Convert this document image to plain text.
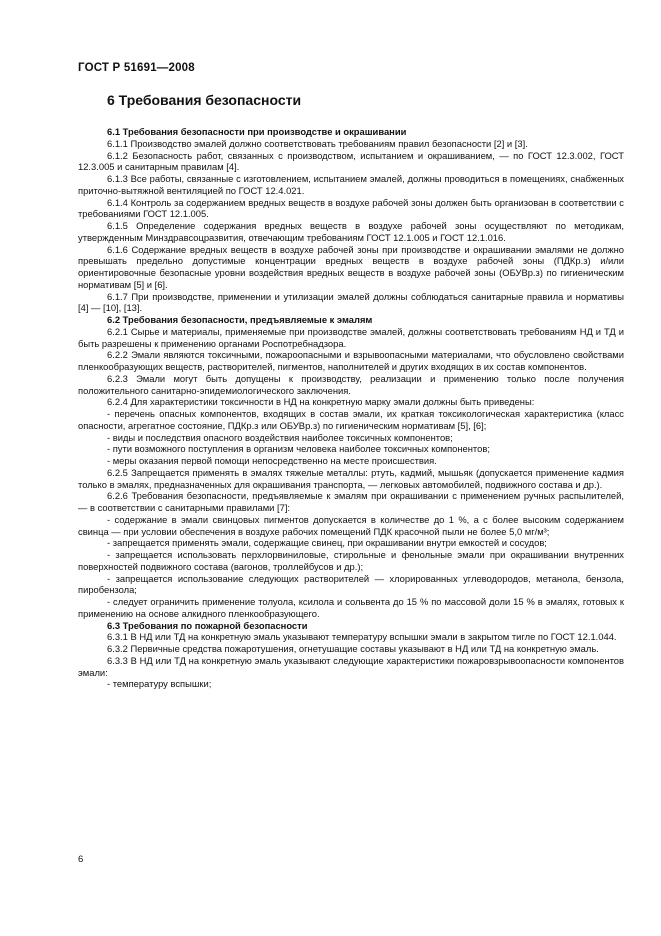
ГОСТ Р 51691—2008
6 Требования безопасности

6.1 Требования безопасности при производстве и окрашивании

6.1.1 Производство эмалей должно соответствовать требованиям правил безопасности [2] и [3].

6.1.2 Безопасность работ, связанных с производством, испытанием и окрашиванием, — по ГОСТ 12.3.002, ГОСТ 12.3.005 и санитарным правилам [4].

6.1.3 Все работы, связанные с изготовлением, испытанием эмалей, должны проводиться в помещениях, снабженных приточно-вытяжной вентиляцией по ГОСТ 12.4.021.

6.1.4 Контроль за содержанием вредных веществ в воздухе рабочей зоны должен быть организован в соответствии с требованиями ГОСТ 12.1.005.

6.1.5 Определение содержания вредных веществ в воздухе рабочей зоны осуществляют по методикам, утвержденным Минздравсоцразвития, отвечающим требованиям ГОСТ 12.1.005 и ГОСТ 12.1.016.

6.1.6 Содержание вредных веществ в воздухе рабочей зоны при производстве и окрашивании эмалями не должно превышать предельно допустимые концентрации вредных веществ в воздухе рабочей зоны (ПДКр.з) и/или ориентировочные безопасные уровни воздействия вредных веществ в воздухе рабочей зоны (ОБУВр.з) по гигиеническим нормативам [5] и [6].

6.1.7 При производстве, применении и утилизации эмалей должны соблюдаться санитарные правила и нормативы [4] — [10], [13].

6.2 Требования безопасности, предъявляемые к эмалям

6.2.1 Сырье и материалы, применяемые при производстве эмалей, должны соответствовать требованиям НД и ТД и быть разрешены к применению органами Роспотребнадзора.

6.2.2 Эмали являются токсичными, пожароопасными и взрывоопасными материалами, что обусловлено свойствами пленкообразующих веществ, растворителей, пигментов, наполнителей и других входящих в их состав компонентов.

6.2.3 Эмали могут быть допущены к производству, реализации и применению только после получения положительного санитарно-эпидемиологического заключения.

6.2.4 Для характеристики токсичности в НД на конкретную марку эмали должны быть приведены:

- перечень опасных компонентов, входящих в состав эмали, их краткая токсикологическая характеристика (класс опасности, агрегатное состояние, ПДКр.з или ОБУВр.з) по гигиеническим нормативам [5], [6];

- виды и последствия опасного воздействия наиболее токсичных компонентов;

- пути возможного поступления в организм человека наиболее токсичных компонентов;

- меры оказания первой помощи непосредственно на месте происшествия.

6.2.5 Запрещается применять в эмалях тяжелые металлы: ртуть, кадмий, мышьяк (допускается применение кадмия только в эмалях, предназначенных для окрашивания транспорта, — легковых автомобилей, подвижного состава и др.).

6.2.6 Требования безопасности, предъявляемые к эмалям при окрашивании с применением ручных распылителей, — в соответствии с санитарными правилами [7]:

- содержание в эмали свинцовых пигментов допускается в количестве до 1 %, а с более высоким содержанием свинца — при условии обеспечения в воздухе рабочих помещений ПДК красочной пыли не более 5,0 мг/м³;

- запрещается применять эмали, содержащие свинец, при окрашивании внутри емкостей и сосудов;

- запрещается использовать перхлорвиниловые, стирольные и фенольные эмали при окрашивании внутренних поверхностей подвижного состава (вагонов, троллейбусов и др.);

- запрещается использование следующих растворителей — хлорированных углеводородов, метанола, бензола, пиробензола;

- следует ограничить применение толуола, ксилола и сольвента до 15 % по массовой доли 15 % в эмалях, готовых к применению на основе алкидного пленкообразующего.

6.3 Требования по пожарной безопасности

6.3.1 В НД или ТД на конкретную эмаль указывают температуру вспышки эмали в закрытом тигле по ГОСТ 12.1.044.

6.3.2 Первичные средства пожаротушения, огнетушащие составы указывают в НД или ТД на конкретную эмаль.

6.3.3 В НД или ТД на конкретную эмаль указывают следующие характеристики пожаровзрывоопасности компонентов эмали:

- температуру вспышки;

6
